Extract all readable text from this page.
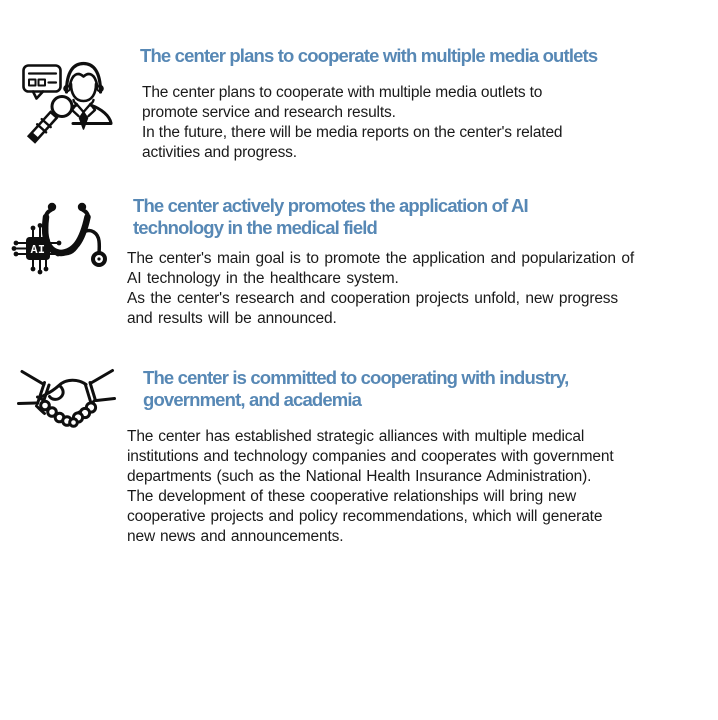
The center plans to cooperate with multiple media outlets
The center plans to cooperate with multiple media outlets to
promote service and research results.
In the future, there will be media reports on the center's related
activities and progress.
AI
The center actively promotes the application of AI
technology in the medical field
The center's main goal is to promote the application and popularization of
AI technology in the healthcare system.
As the center's research and cooperation projects unfold, new progress
and results will be announced.
The center is committed to cooperating with industry,
government, and academia
The center has established strategic alliances with multiple medical
institutions and technology companies and cooperates with government
departments (such as the National Health Insurance Administration).
The development of these cooperative relationships will bring new
cooperative projects and policy recommendations, which will generate
new news and announcements.
